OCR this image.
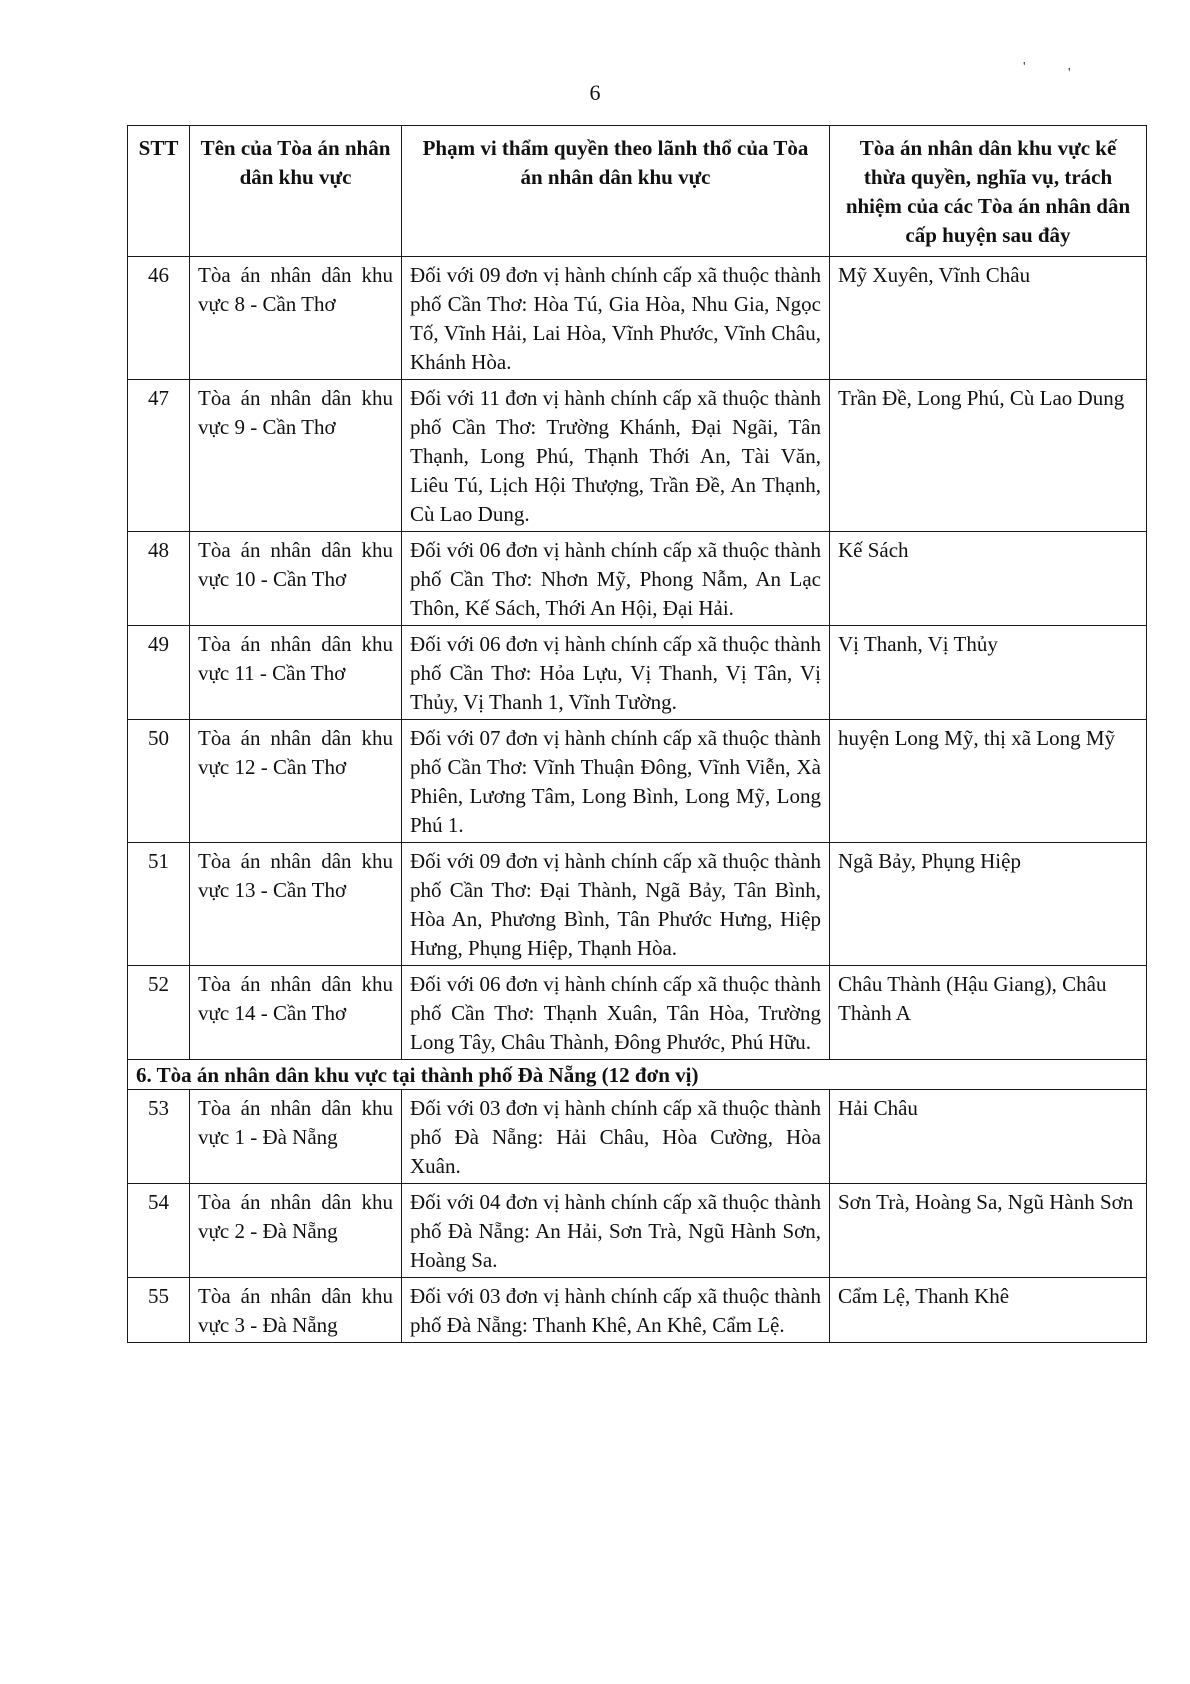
6
'	'
STT	Tên của Tòa án nhân dân khu vực	Phạm vi thẩm quyền theo lãnh thổ của Tòa án nhân dân khu vực	Tòa án nhân dân khu vực kế thừa quyền, nghĩa vụ, trách nhiệm của các Tòa án nhân dân cấp huyện sau đây
46	Tòa án nhân dân khu vực 8 - Cần Thơ	Đối với 09 đơn vị hành chính cấp xã thuộc thành phố Cần Thơ: Hòa Tú, Gia Hòa, Nhu Gia, Ngọc Tố, Vĩnh Hải, Lai Hòa, Vĩnh Phước, Vĩnh Châu, Khánh Hòa.	Mỹ Xuyên, Vĩnh Châu
47	Tòa án nhân dân khu vực 9 - Cần Thơ	Đối với 11 đơn vị hành chính cấp xã thuộc thành phố Cần Thơ: Trường Khánh, Đại Ngãi, Tân Thạnh, Long Phú, Thạnh Thới An, Tài Văn, Liêu Tú, Lịch Hội Thượng, Trần Đề, An Thạnh, Cù Lao Dung.	Trần Đề, Long Phú, Cù Lao Dung
48	Tòa án nhân dân khu vực 10 - Cần Thơ	Đối với 06 đơn vị hành chính cấp xã thuộc thành phố Cần Thơ: Nhơn Mỹ, Phong Nẫm, An Lạc Thôn, Kế Sách, Thới An Hội, Đại Hải.	Kế Sách
49	Tòa án nhân dân khu vực 11 - Cần Thơ	Đối với 06 đơn vị hành chính cấp xã thuộc thành phố Cần Thơ: Hỏa Lựu, Vị Thanh, Vị Tân, Vị Thủy, Vị Thanh 1, Vĩnh Tường.	Vị Thanh, Vị Thủy
50	Tòa án nhân dân khu vực 12 - Cần Thơ	Đối với 07 đơn vị hành chính cấp xã thuộc thành phố Cần Thơ: Vĩnh Thuận Đông, Vĩnh Viễn, Xà Phiên, Lương Tâm, Long Bình, Long Mỹ, Long Phú 1.	huyện Long Mỹ, thị xã Long Mỹ
51	Tòa án nhân dân khu vực 13 - Cần Thơ	Đối với 09 đơn vị hành chính cấp xã thuộc thành phố Cần Thơ: Đại Thành, Ngã Bảy, Tân Bình, Hòa An, Phương Bình, Tân Phước Hưng, Hiệp Hưng, Phụng Hiệp, Thạnh Hòa.	Ngã Bảy, Phụng Hiệp
52	Tòa án nhân dân khu vực 14 - Cần Thơ	Đối với 06 đơn vị hành chính cấp xã thuộc thành phố Cần Thơ: Thạnh Xuân, Tân Hòa, Trường Long Tây, Châu Thành, Đông Phước, Phú Hữu.	Châu Thành (Hậu Giang), Châu Thành A
6. Tòa án nhân dân khu vực tại thành phố Đà Nẵng (12 đơn vị)			
53	Tòa án nhân dân khu vực 1 - Đà Nẵng	Đối với 03 đơn vị hành chính cấp xã thuộc thành phố Đà Nẵng: Hải Châu, Hòa Cường, Hòa Xuân.	Hải Châu
54	Tòa án nhân dân khu vực 2 - Đà Nẵng	Đối với 04 đơn vị hành chính cấp xã thuộc thành phố Đà Nẵng: An Hải, Sơn Trà, Ngũ Hành Sơn, Hoàng Sa.	Sơn Trà, Hoàng Sa, Ngũ Hành Sơn
55	Tòa án nhân dân khu vực 3 - Đà Nẵng	Đối với 03 đơn vị hành chính cấp xã thuộc thành phố Đà Nẵng: Thanh Khê, An Khê, Cẩm Lệ.	Cẩm Lệ, Thanh Khê
